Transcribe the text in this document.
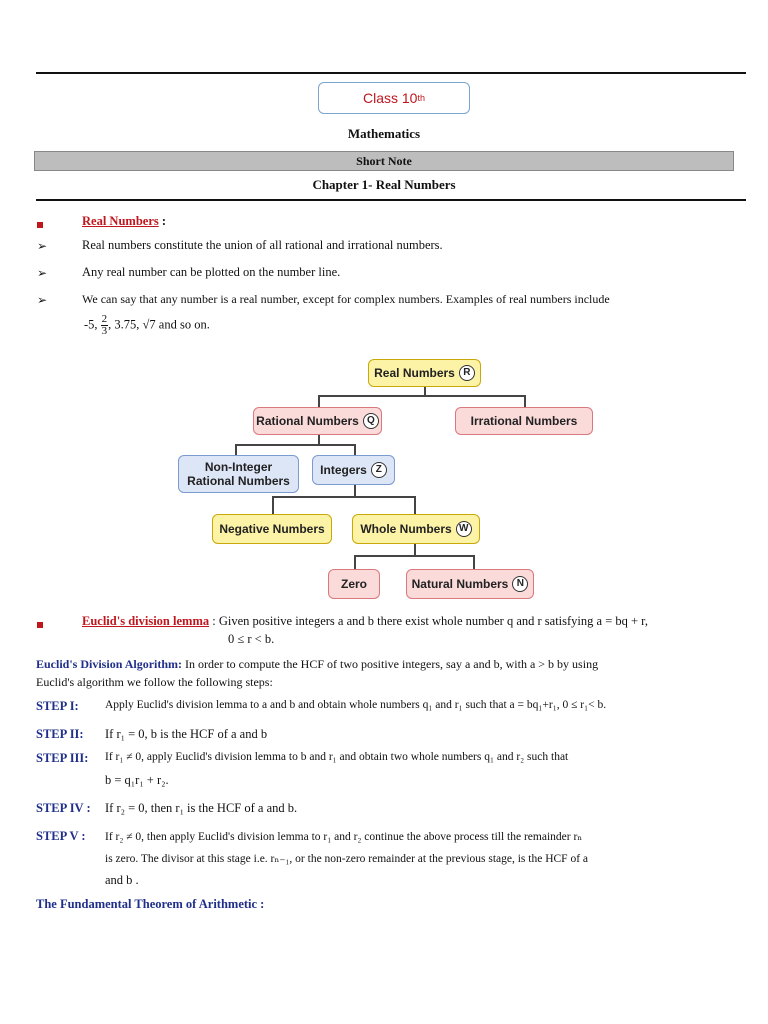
Class 10 th
Mathematics
Short Note
Chapter 1- Real Numbers
Real Numbers :
➢	Real numbers constitute the union of all rational and irrational numbers.
➢	Any real number can be plotted on the number line.
➢	We can say that any number is a real number, except for complex numbers. Examples of real numbers include
-5, $\frac{2}{3}$ , 3.75, √7 and so on.
Real Numbers R
Rational Numbers Q	Irrational Numbers
Non-Integer
Rational Numbers
Integers Z
Negative Numbers	Whole Numbers W
Zero	Natural Numbers N
Euclid's division lemma : Given positive integers a and b there exist whole number q and r satisfying a = bq + r,
0 ≤ r < b.
Euclid's Division Algorithm: In order to compute the HCF of two positive integers, say a and b, with a > b by using
Euclid's algorithm we follow the following steps:
STEP I: Apply Euclid's division lemma to a and b and obtain whole numbers q₁ and r₁ such that a = bq₁+r₁, 0 ≤ r₁< b.
STEP II: If r₁ = 0, b is the HCF of a and b
STEP III: If r₁ ≠ 0, apply Euclid's division lemma to b and r₁ and obtain two whole numbers q₁ and r₂ such that
b = q₁r₁ + r₂.
STEP IV : If r₂ = 0, then r₁ is the HCF of a and b.
STEP V : If r₂ ≠ 0, then apply Euclid's division lemma to r₁ and r₂ continue the above process till the remainder rₙ
is zero. The divisor at this stage i.e. rₙ₋₁, or the non-zero remainder at the previous stage, is the HCF of a
and b .
The Fundamental Theorem of Arithmetic :
